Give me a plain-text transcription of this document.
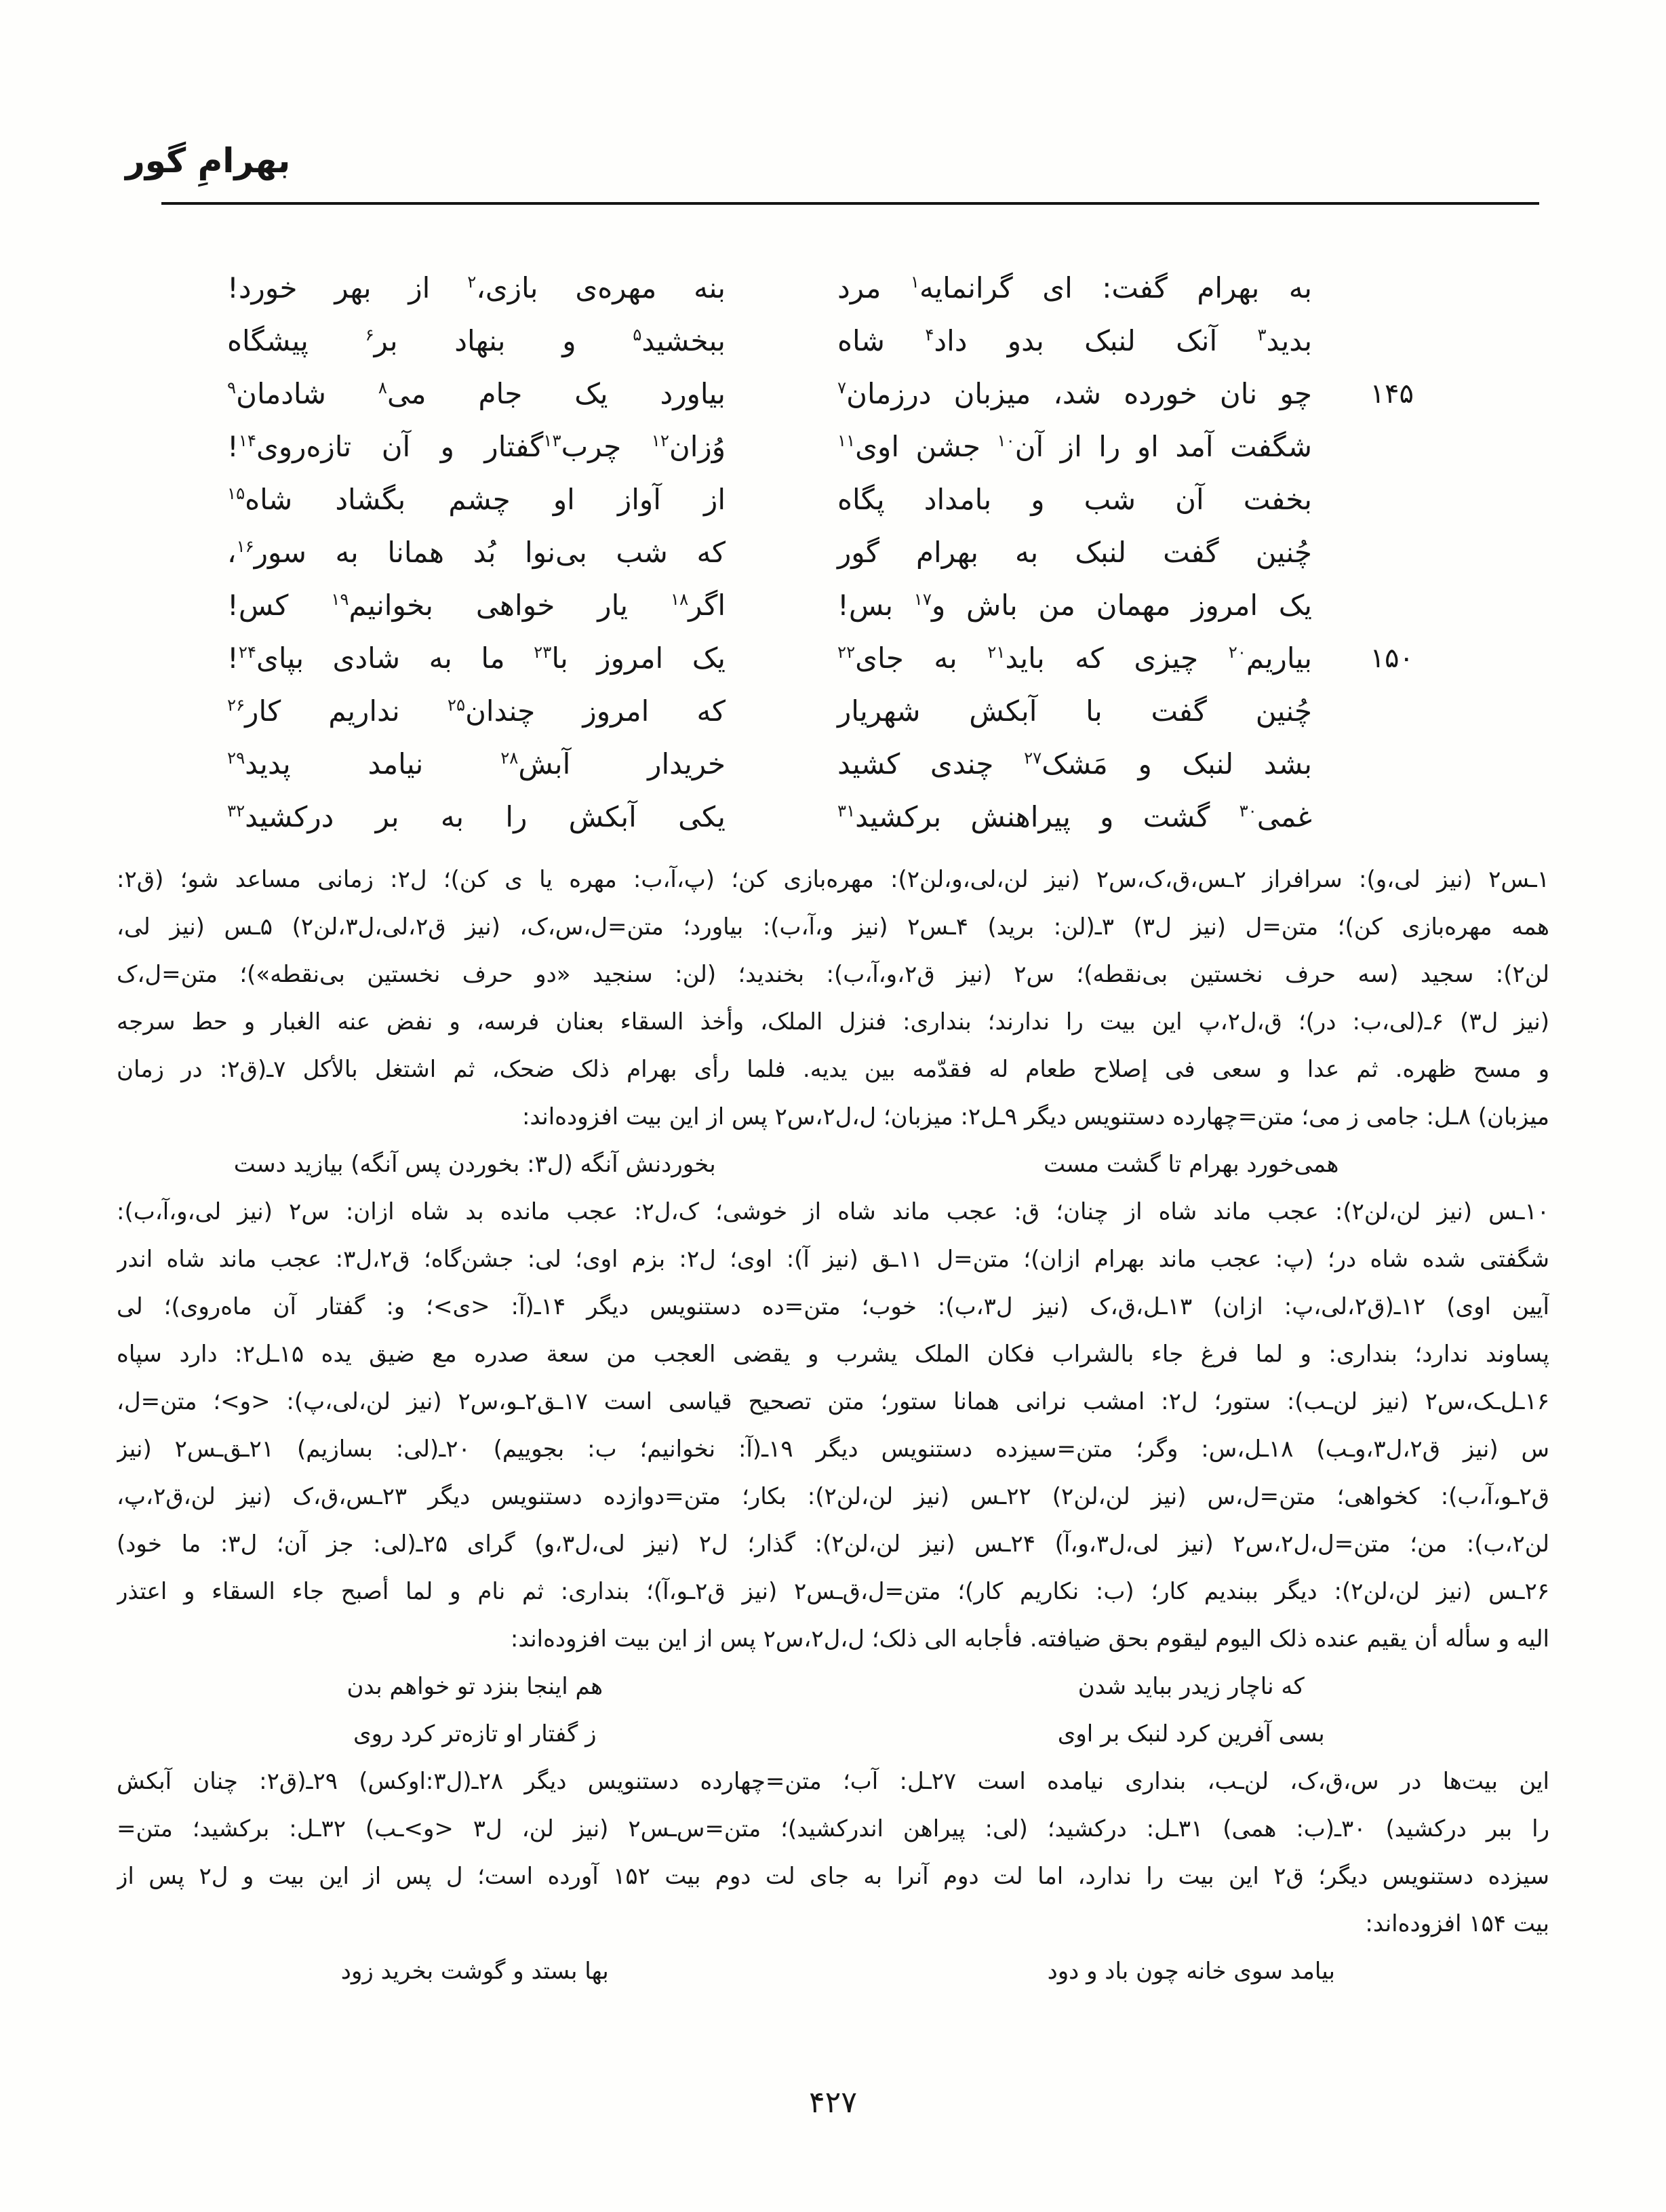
بهرامِ گور
به بهرام گفت: ای گرانمایه$^۱$ مرد
بنه مهره‌ی بازی،$^۲$ از بهر خورد!
بدید$^۳$ آنک لنبک بدو داد$^۴$ شاه
ببخشید$^۵$ و بنهاد بر$^۶$ پیشگاه
۱۴۵
چو نان خورده شد، میزبان درزمان$^۷$
بیاورد یک جام می$^۸$ شادمان$^۹$
شگفت آمد او را از آن$^{۱۰}$ جشن اوی$^{۱۱}$
وُزان$^{۱۲}$ چرب$^{۱۳}$گفتار و آن تازه‌روی$^{۱۴}$!
بخفت آن شب و بامداد پگاه
از آواز او چشم بگشاد شاه$^{۱۵}$
چُنین گفت لنبک به بهرام گور
که شب بی‌نوا بُد همانا به سور$^{۱۶}$،
یک امروز مهمان من باش و$^{۱۷}$ بس!
اگر$^{۱۸}$ یار خواهی بخوانیم$^{۱۹}$ کس!
۱۵۰
بیاریم$^{۲۰}$ چیزی که باید$^{۲۱}$ به جای$^{۲۲}$
یک امروز با$^{۲۳}$ ما به شادی بپای$^{۲۴}$!
چُنین گفت با آبکش شهریار
که امروز چندان$^{۲۵}$ نداریم کار$^{۲۶}$
بشد لنبک و مَشک$^{۲۷}$ چندی کشید
خریدار آبش$^{۲۸}$ نیامد پدید$^{۲۹}$
غمی$^{۳۰}$ گشت و پیراهنش برکشید$^{۳۱}$
یکی آبکش را به بر درکشید$^{۳۲}$
۱ـس۲ (نیز لی،و): سرافراز ۲ـس،ق،ک،س۲ (نیز لن،لی،و،لن۲): مهره‌بازی کن؛ (پ،آ،ب: مهره یا ی کن)؛ ل۲: زمانی مساعد شو؛ (ق۲:
همه مهره‌بازی کن)؛ متن=ل (نیز ل۳) ۳ـ(لن: برید) ۴ـس۲ (نیز و،آ،ب): بیاورد؛ متن=ل،س،ک، (نیز ق۲،لی،ل۳،لن۲) ۵ـس (نیز لی،
لن۲): سجید (سه حرف نخستین بی‌نقطه)؛ س۲ (نیز ق۲،و،آ،ب): بخندید؛ (لن: سنجید «دو حرف نخستین بی‌نقطه»)؛ متن=ل،ک
(نیز ل۳) ۶ـ(لی،ب: در)؛ ق،ل۲،پ این بیت را ندارند؛ بنداری: فنزل الملک، وأخذ السقاء بعنان فرسه، و نفض عنه الغبار و حط سرجه
و مسح ظهره. ثم عدا و سعی فی إصلاح طعام له فقدّمه بین یدیه. فلما رأی بهرام ذلک ضحک، ثم اشتغل بالأکل ۷ـ(ق۲: در زمان
میزبان) ۸ـل: جامی ز می؛ متن=چهارده دستنویس دیگر ۹ـل۲: میزبان؛ ل،ل۲،س۲ پس از این بیت افزوده‌اند:
همی‌خورد بهرام تا گشت مست
بخوردنش آنگه (ل۳: بخوردن پس آنگه) بیازید دست
۱۰ـس (نیز لن،لن۲): عجب ماند شاه از چنان؛ ق: عجب ماند شاه از خوشی؛ ک،ل۲: عجب مانده بد شاه ازان: س۲ (نیز لی،و،آ،ب):
شگفتی شده شاه در؛ (پ: عجب ماند بهرام ازان)؛ متن=ل ۱۱ـق (نیز آ): اوی؛ ل۲: بزم اوی؛ لی: جشن‌گاه؛ ق۲،ل۳: عجب ماند شاه اندر
آیین اوی) ۱۲ـ(ق۲،لی،پ: ازان) ۱۳ـل،ق،ک (نیز ل۳،ب): خوب؛ متن=ده دستنویس دیگر ۱۴ـ(آ: <ی>؛ و: گفتار آن ماه‌روی)؛ لی
پساوند ندارد؛ بنداری: و لما فرغ جاء بالشراب فکان الملک یشرب و یقضی العجب من سعة صدره مع ضیق یده ۱۵ـل۲: دارد سپاه
۱۶ـل‌ـک،س۲ (نیز لن‌ـب): ستور؛ ل۲: امشب نرانی همانا ستور؛ متن تصحیح قیاسی است ۱۷ـق۲ـو،س۲ (نیز لن،لی،پ): <و>؛ متن=ل،
س (نیز ق۲،ل۳،وـب) ۱۸ـل،س: وگر؛ متن=سیزده دستنویس دیگر ۱۹ـ(آ: نخوانیم؛ ب: بجوییم) ۲۰ـ(لی: بسازیم) ۲۱ـق‌ـس۲ (نیز
ق۲ـو،آ،ب): کخواهی؛ متن=ل،س (نیز لن،لن۲) ۲۲ـس (نیز لن،لن۲): بکار؛ متن=دوازده دستنویس دیگر ۲۳ـس،ق،ک (نیز لن،ق۲،پ،
لن۲،ب): من؛ متن=ل،ل۲،س۲ (نیز لی،ل۳،و،آ) ۲۴ـس (نیز لن،لن۲): گذار؛ ل۲ (نیز لی،ل۳،و) گرای ۲۵ـ(لی: جز آن؛ ل۳: ما خود)
۲۶ـس (نیز لن،لن۲): دیگر ببندیم کار؛ (ب: نکاریم کار)؛ متن=ل،ق‌ـس۲ (نیز ق۲ـو،آ)؛ بنداری: ثم نام و لما أصبح جاء السقاء و اعتذر
الیه و سأله أن یقیم عنده ذلک الیوم لیقوم بحق ضیافته. فأجابه الی ذلک؛ ل،ل۲،س۲ پس از این بیت افزوده‌اند:
که ناچار زیدر بباید شدن
هم اینجا بنزد تو خواهم بدن
بسی آفرین کرد لنبک بر اوی
ز گفتار او تازه‌تر کرد روی
این بیت‌ها در س،ق،ک، لن‌ـب، بنداری نیامده است ۲۷ـل: آب؛ متن=چهارده دستنویس دیگر ۲۸ـ(ل۳:اوکس) ۲۹ـ(ق۲: چنان آبکش
را ببر درکشید) ۳۰ـ(ب: همی) ۳۱ـل: درکشید؛ (لی: پیراهن اندرکشید)؛ متن=س‌ـس۲ (نیز لن، ل۳ <و>ـب) ۳۲ـل: برکشید؛ متن=
سیزده دستنویس دیگر؛ ق۲ این بیت را ندارد، اما لت دوم آنرا به جای لت دوم بیت ۱۵۲ آورده است؛ ل پس از این بیت و ل۲ پس از
بیت ۱۵۴ افزوده‌اند:
بیامد سوی خانه چون باد و دود
بها بستد و گوشت بخرید زود
۴۲۷
